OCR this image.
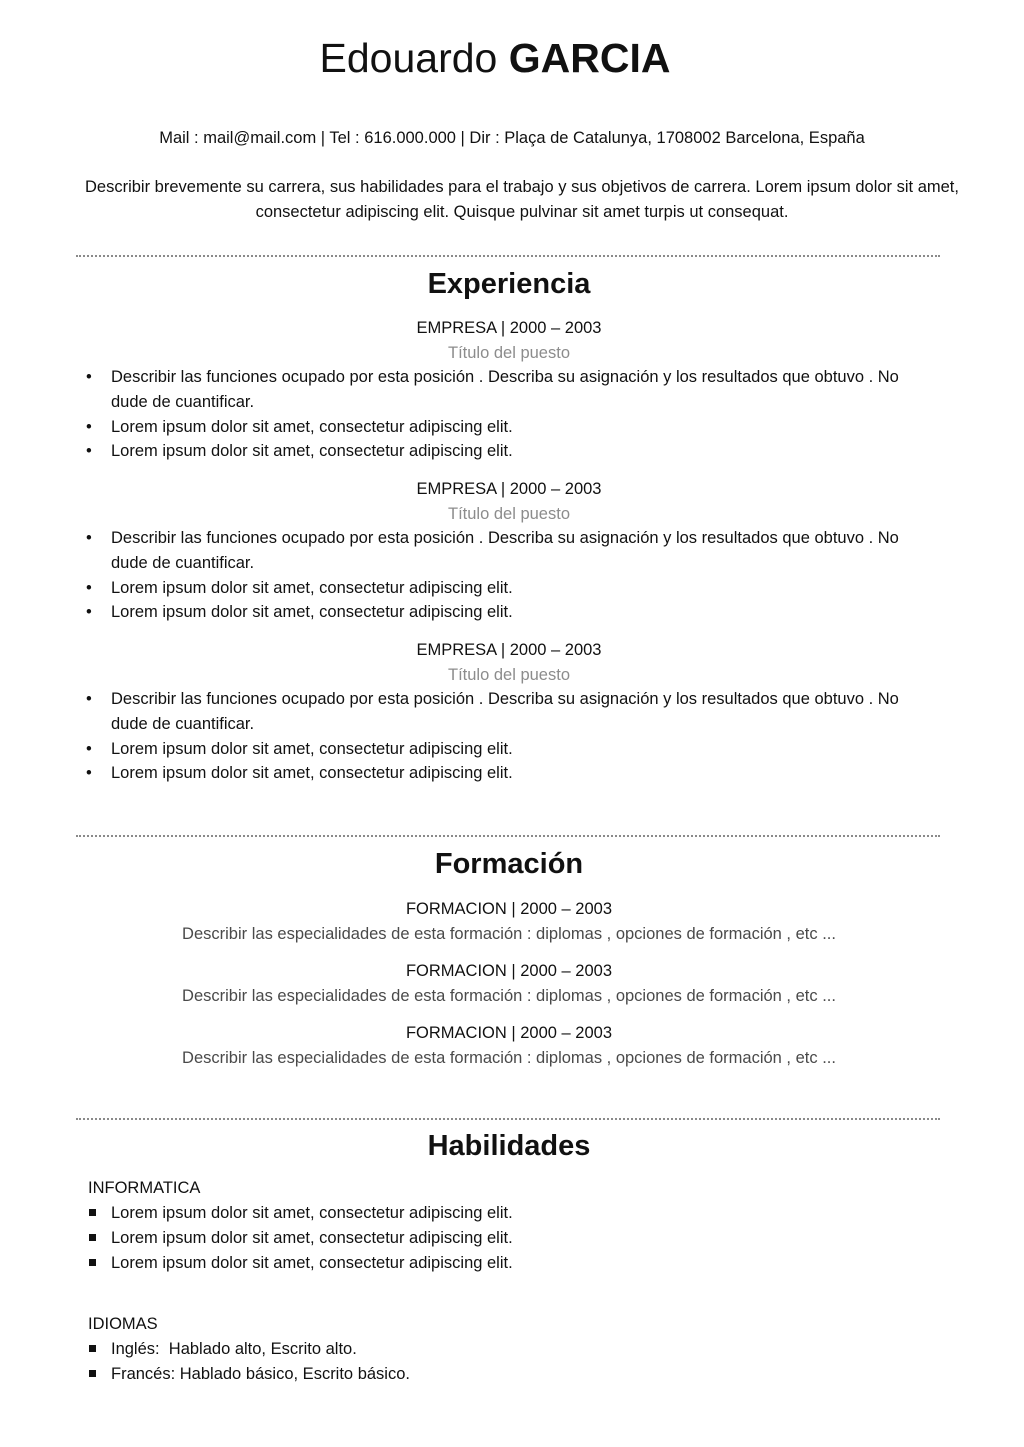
Edouardo GARCIA
Mail : mail@mail.com | Tel : 616.000.000 | Dir : Plaça de Catalunya, 1708002 Barcelona, España
Describir brevemente su carrera, sus habilidades para el trabajo y sus objetivos de carrera. Lorem ipsum dolor sit amet, consectetur adipiscing elit. Quisque pulvinar sit amet turpis ut consequat.
Experiencia
EMPRESA | 2000 – 2003
Título del puesto
• Describir las funciones ocupado por esta posición . Describa su asignación y los resultados que obtuvo . No dude de cuantificar.
• Lorem ipsum dolor sit amet, consectetur adipiscing elit.
• Lorem ipsum dolor sit amet, consectetur adipiscing elit.
EMPRESA | 2000 – 2003
Título del puesto
• Describir las funciones ocupado por esta posición . Describa su asignación y los resultados que obtuvo . No dude de cuantificar.
• Lorem ipsum dolor sit amet, consectetur adipiscing elit.
• Lorem ipsum dolor sit amet, consectetur adipiscing elit.
EMPRESA | 2000 – 2003
Título del puesto
• Describir las funciones ocupado por esta posición . Describa su asignación y los resultados que obtuvo . No dude de cuantificar.
• Lorem ipsum dolor sit amet, consectetur adipiscing elit.
• Lorem ipsum dolor sit amet, consectetur adipiscing elit.
Formación
FORMACION | 2000 – 2003
Describir las especialidades de esta formación : diplomas , opciones de formación , etc ...
FORMACION | 2000 – 2003
Describir las especialidades de esta formación : diplomas , opciones de formación , etc ...
FORMACION | 2000 – 2003
Describir las especialidades de esta formación : diplomas , opciones de formación , etc ...
Habilidades
INFORMATICA
Lorem ipsum dolor sit amet, consectetur adipiscing elit.
Lorem ipsum dolor sit amet, consectetur adipiscing elit.
Lorem ipsum dolor sit amet, consectetur adipiscing elit.
IDIOMAS
Inglés:  Hablado alto, Escrito alto.
Francés: Hablado básico, Escrito básico.
